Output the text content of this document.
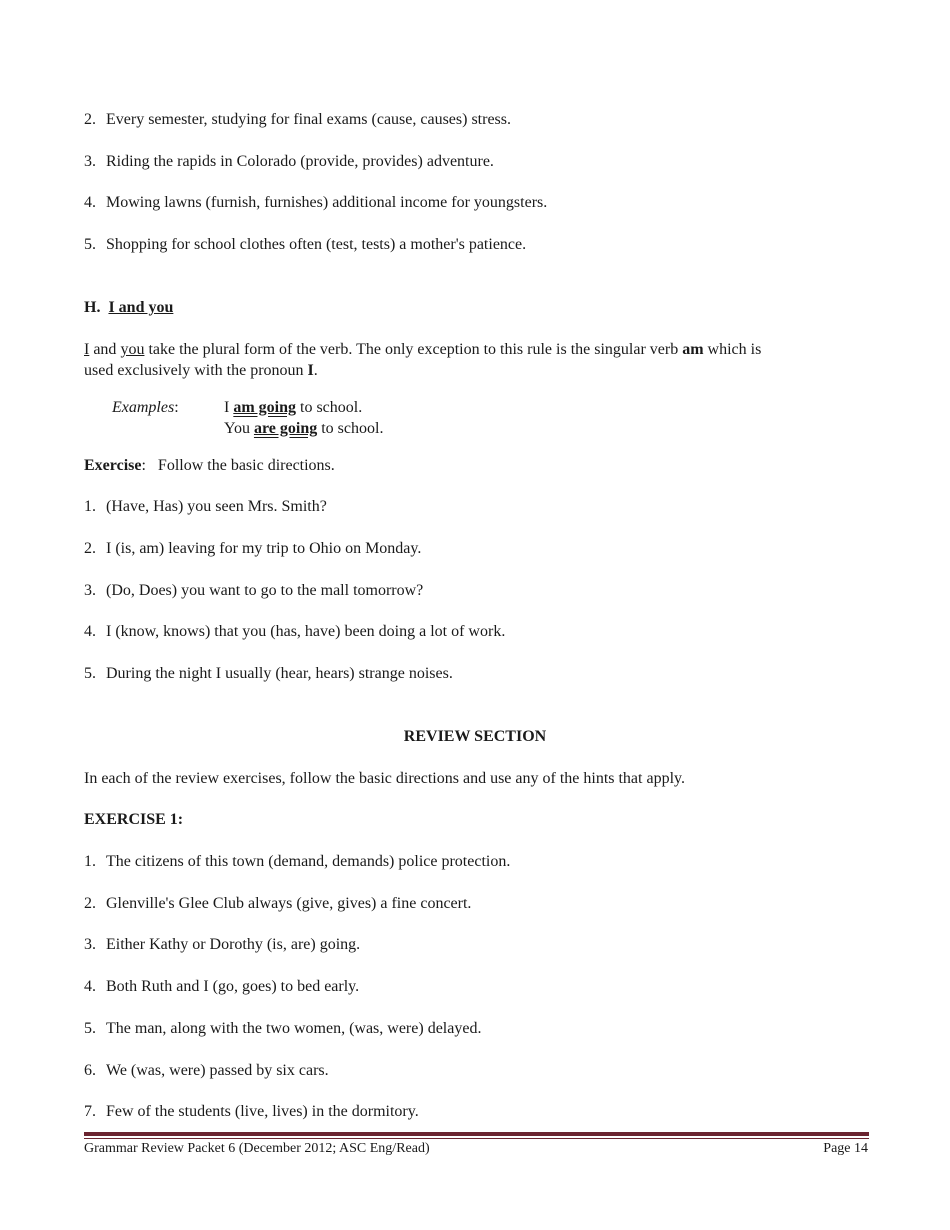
2. Every semester, studying for final exams (cause, causes) stress.
3. Riding the rapids in Colorado (provide, provides) adventure.
4. Mowing lawns (furnish, furnishes) additional income for youngsters.
5. Shopping for school clothes often (test, tests) a mother's patience.
H. I and you
I and you take the plural form of the verb. The only exception to this rule is the singular verb am which is
used exclusively with the pronoun I.
Examples:	I am going to school.
You are going to school.
Exercise:   Follow the basic directions.
1. (Have, Has) you seen Mrs. Smith?
2. I (is, am) leaving for my trip to Ohio on Monday.
3. (Do, Does) you want to go to the mall tomorrow?
4. I (know, knows) that you (has, have) been doing a lot of work.
5. During the night I usually (hear, hears) strange noises.
REVIEW SECTION
In each of the review exercises, follow the basic directions and use any of the hints that apply.
EXERCISE 1:
1. The citizens of this town (demand, demands) police protection.
2. Glenville's Glee Club always (give, gives) a fine concert.
3. Either Kathy or Dorothy (is, are) going.
4. Both Ruth and I (go, goes) to bed early.
5. The man, along with the two women, (was, were) delayed.
6. We (was, were) passed by six cars.
7. Few of the students (live, lives) in the dormitory.
Grammar Review Packet 6 (December 2012; ASC Eng/Read)	Page 14
